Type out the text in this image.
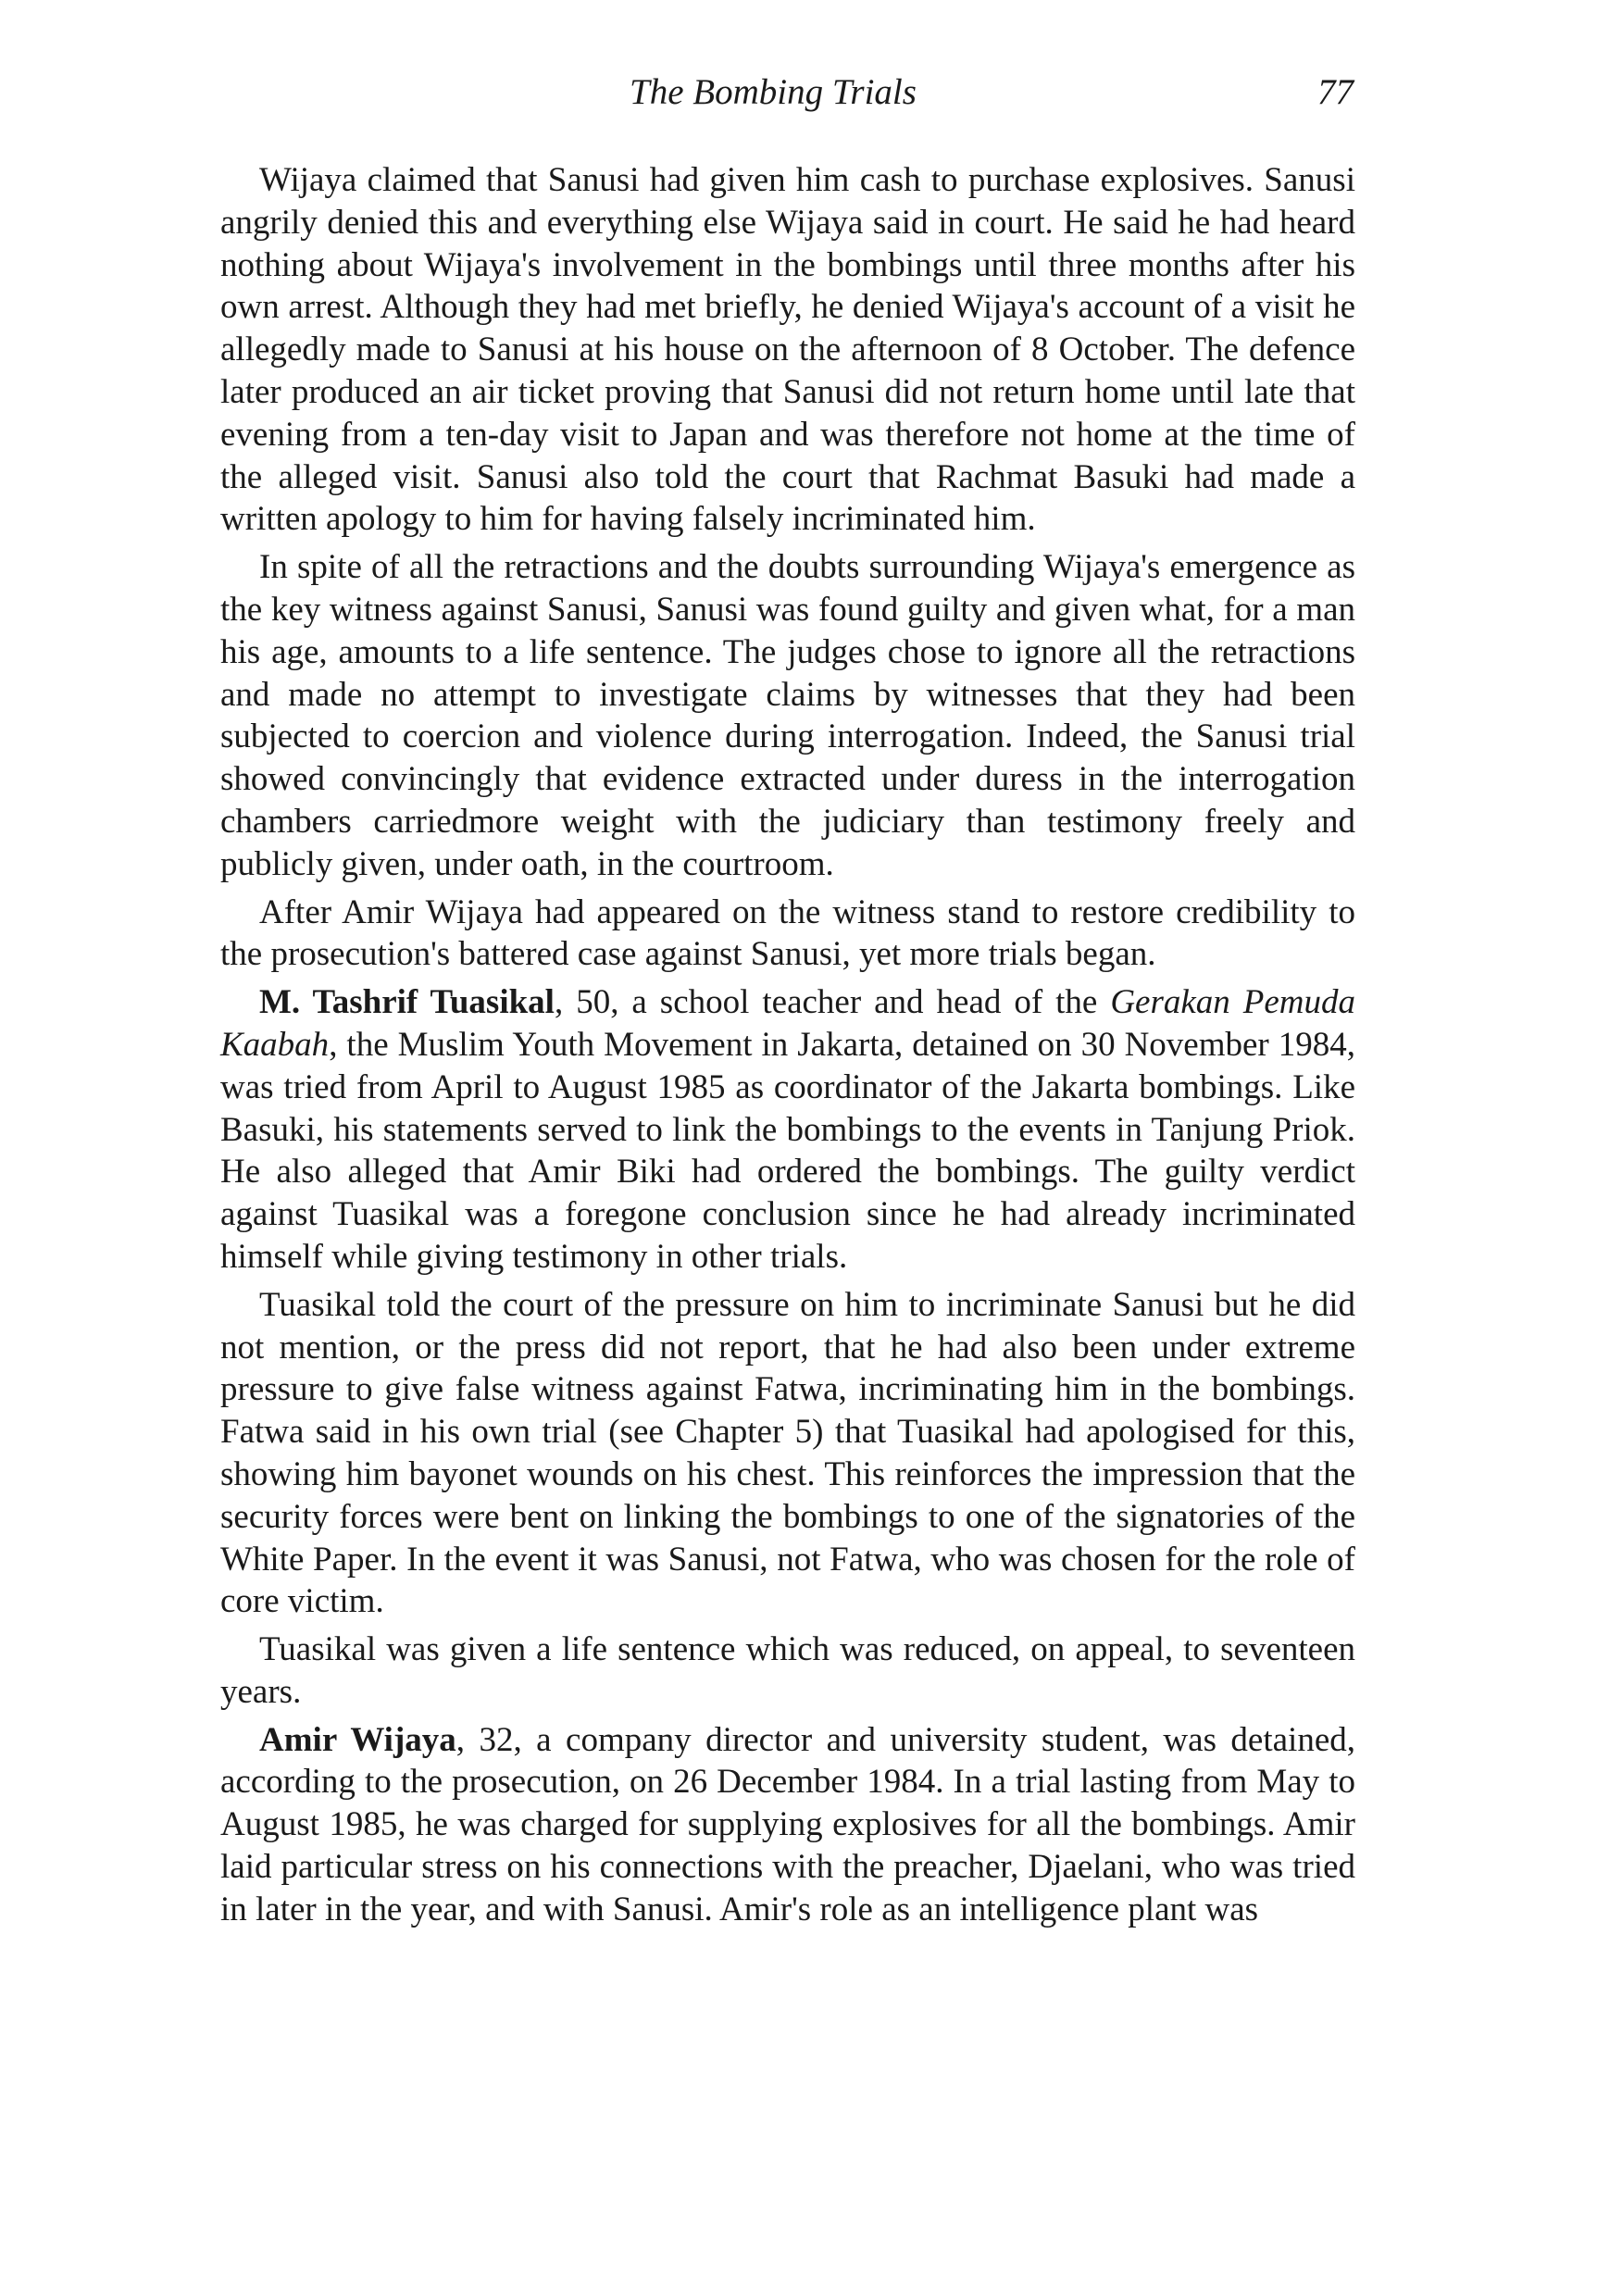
The Bombing Trials	77

Wijaya claimed that Sanusi had given him cash to purchase explosives. Sanusi angrily denied this and everything else Wijaya said in court. He said he had heard nothing about Wijaya's involvement in the bombings until three months after his own arrest. Although they had met briefly, he denied Wijaya's account of a visit he allegedly made to Sanusi at his house on the afternoon of 8 October. The defence later produced an air ticket proving that Sanusi did not return home until late that evening from a ten-day visit to Japan and was therefore not home at the time of the alleged visit. Sanusi also told the court that Rachmat Basuki had made a written apology to him for having falsely incriminated him.

In spite of all the retractions and the doubts surrounding Wijaya's emergence as the key witness against Sanusi, Sanusi was found guilty and given what, for a man his age, amounts to a life sentence. The judges chose to ignore all the retractions and made no attempt to investigate claims by witnesses that they had been subjected to coercion and violence during interrogation. Indeed, the Sanusi trial showed convincingly that evidence extracted under duress in the interrogation chambers carriedmore weight with the judiciary than testimony freely and publicly given, under oath, in the courtroom.

After Amir Wijaya had appeared on the witness stand to restore credibility to the prosecution's battered case against Sanusi, yet more trials began.

M. Tashrif Tuasikal, 50, a school teacher and head of the Gerakan Pemuda Kaabah, the Muslim Youth Movement in Jakarta, detained on 30 November 1984, was tried from April to August 1985 as coordinator of the Jakarta bombings. Like Basuki, his statements served to link the bombings to the events in Tanjung Priok. He also alleged that Amir Biki had ordered the bombings. The guilty verdict against Tuasikal was a foregone conclusion since he had already incriminated himself while giving testimony in other trials.

Tuasikal told the court of the pressure on him to incriminate Sanusi but he did not mention, or the press did not report, that he had also been under extreme pressure to give false witness against Fatwa, incriminating him in the bombings. Fatwa said in his own trial (see Chapter 5) that Tuasikal had apologised for this, showing him bayonet wounds on his chest. This reinforces the impression that the security forces were bent on linking the bombings to one of the signatories of the White Paper. In the event it was Sanusi, not Fatwa, who was chosen for the role of core victim.

Tuasikal was given a life sentence which was reduced, on appeal, to seventeen years.

Amir Wijaya, 32, a company director and university student, was detained, according to the prosecution, on 26 December 1984. In a trial lasting from May to August 1985, he was charged for supplying explosives for all the bombings. Amir laid particular stress on his connections with the preacher, Djaelani, who was tried in later in the year, and with Sanusi. Amir's role as an intelligence plant was
